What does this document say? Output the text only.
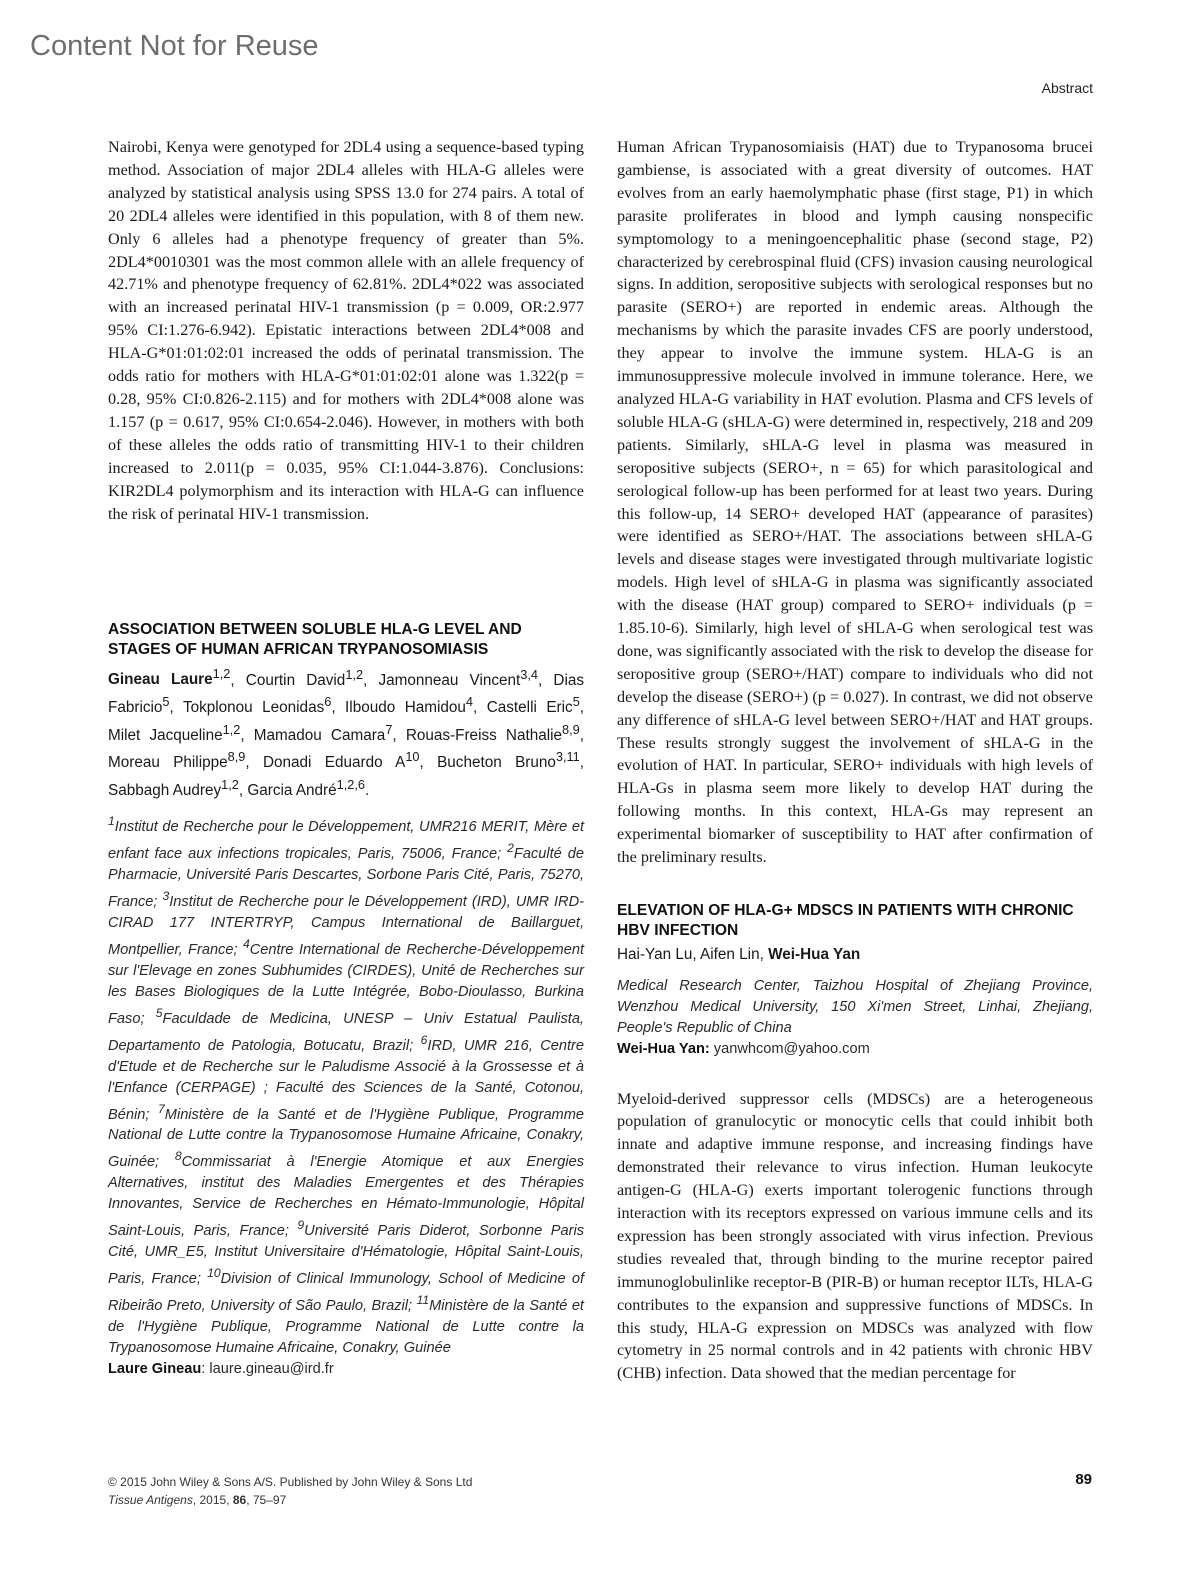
Content Not for Reuse
Abstract

Nairobi, Kenya were genotyped for 2DL4 using a sequence-based typing method. Association of major 2DL4 alleles with HLA-G alleles were analyzed by statistical analysis using SPSS 13.0 for 274 pairs. A total of 20 2DL4 alleles were identified in this population, with 8 of them new. Only 6 alleles had a phenotype frequency of greater than 5%. 2DL4*0010301 was the most common allele with an allele frequency of 42.71% and phenotype frequency of 62.81%. 2DL4*022 was associated with an increased perinatal HIV-1 transmission (p = 0.009, OR:2.977 95% CI:1.276-6.942). Epistatic interactions between 2DL4*008 and HLA-G*01:01:02:01 increased the odds of perinatal transmission. The odds ratio for mothers with HLA-G*01:01:02:01 alone was 1.322(p = 0.28, 95% CI:0.826-2.115) and for mothers with 2DL4*008 alone was 1.157 (p = 0.617, 95% CI:0.654-2.046). However, in mothers with both of these alleles the odds ratio of transmitting HIV-1 to their children increased to 2.011(p = 0.035, 95% CI:1.044-3.876). Conclusions: KIR2DL4 polymorphism and its interaction with HLA-G can influence the risk of perinatal HIV-1 transmission.

ASSOCIATION BETWEEN SOLUBLE HLA-G LEVEL AND STAGES OF HUMAN AFRICAN TRYPANOSOMIASIS

Gineau Laure$^{1,2}$, Courtin David$^{1,2}$, Jamonneau Vincent$^{3,4}$, Dias Fabricio$^5$, Tokplonou Leonidas$^6$, Ilboudo Hamidou$^4$, Castelli Eric$^5$, Milet Jacqueline$^{1,2}$, Mamadou Camara$^7$, Rouas-Freiss Nathalie$^{8,9}$, Moreau Philippe$^{8,9}$, Donadi Eduardo $A^{10}$, Bucheton Bruno$^{3,11}$, Sabbagh Audrey$^{1,2}$, Garcia André$^{1,2,6}$.

$^1$Institut de Recherche pour le Développement, UMR216 MERIT, Mère et enfant face aux infections tropicales, Paris, 75006, France; $^2$Faculté de Pharmacie, Université Paris Descartes, Sorbone Paris Cité, Paris, 75270, France; $^3$Institut de Recherche pour le Développement (IRD), UMR IRD-CIRAD 177 INTERTRYP, Campus International de Baillarguet, Montpellier, France; $^4$Centre International de Recherche-Développement sur l'Elevage en zones Subhumides (CIRDES), Unité de Recherches sur les Bases Biologiques de la Lutte Intégrée, Bobo-Dioulasso, Burkina Faso; $^5$Faculdade de Medicina, UNESP – Univ Estatual Paulista, Departamento de Patologia, Botucatu, Brazil; $^6$IRD, UMR 216, Centre d'Etude et de Recherche sur le Paludisme Associé à la Grossesse et à l'Enfance (CERPAGE) ; Faculté des Sciences de la Santé, Cotonou, Bénin; $^7$Ministère de la Santé et de l'Hygiène Publique, Programme National de Lutte contre la Trypanosomose Humaine Africaine, Conakry, Guinée; $^8$Commissariat à l'Energie Atomique et aux Energies Alternatives, institut des Maladies Emergentes et des Thérapies Innovantes, Service de Recherches en Hémato-Immunologie, Hôpital Saint-Louis, Paris, France; $^9$Université Paris Diderot, Sorbonne Paris Cité, UMR_E5, Institut Universitaire d'Hématologie, Hôpital Saint-Louis, Paris, France; $^{10}$Division of Clinical Immunology, School of Medicine of Ribeirão Preto, University of São Paulo, Brazil; $^{11}$Ministère de la Santé et de l'Hygiène Publique, Programme National de Lutte contre la Trypanosomose Humaine Africaine, Conakry, Guinée

Laure Gineau: laure.gineau@ird.fr

Human African Trypanosomiaisis (HAT) due to Trypanosoma brucei gambiense, is associated with a great diversity of outcomes. HAT evolves from an early haemolymphatic phase (first stage, P1) in which parasite proliferates in blood and lymph causing nonspecific symptomology to a meningoencephalitic phase (second stage, P2) characterized by cerebrospinal fluid (CFS) invasion causing neurological signs. In addition, seropositive subjects with serological responses but no parasite (SERO+) are reported in endemic areas. Although the mechanisms by which the parasite invades CFS are poorly understood, they appear to involve the immune system. HLA-G is an immunosuppressive molecule involved in immune tolerance. Here, we analyzed HLA-G variability in HAT evolution. Plasma and CFS levels of soluble HLA-G (sHLA-G) were determined in, respectively, 218 and 209 patients. Similarly, sHLA-G level in plasma was measured in seropositive subjects (SERO+, n = 65) for which parasitological and serological follow-up has been performed for at least two years. During this follow-up, 14 SERO+ developed HAT (appearance of parasites) were identified as SERO+/HAT. The associations between sHLA-G levels and disease stages were investigated through multivariate logistic models. High level of sHLA-G in plasma was significantly associated with the disease (HAT group) compared to SERO+ individuals (p = 1.85.10-6). Similarly, high level of sHLA-G when serological test was done, was significantly associated with the risk to develop the disease for seropositive group (SERO+/HAT) compare to individuals who did not develop the disease (SERO+) (p = 0.027). In contrast, we did not observe any difference of sHLA-G level between SERO+/HAT and HAT groups. These results strongly suggest the involvement of sHLA-G in the evolution of HAT. In particular, SERO+ individuals with high levels of HLA-Gs in plasma seem more likely to develop HAT during the following months. In this context, HLA-Gs may represent an experimental biomarker of susceptibility to HAT after confirmation of the preliminary results.

ELEVATION OF HLA-G+ MDSCS IN PATIENTS WITH CHRONIC HBV INFECTION

Hai-Yan Lu, Aifen Lin, Wei-Hua Yan

Medical Research Center, Taizhou Hospital of Zhejiang Province, Wenzhou Medical University, 150 Xi'men Street, Linhai, Zhejiang, People's Republic of China

Wei-Hua Yan: yanwhcom@yahoo.com

Myeloid-derived suppressor cells (MDSCs) are a heterogeneous population of granulocytic or monocytic cells that could inhibit both innate and adaptive immune response, and increasing findings have demonstrated their relevance to virus infection. Human leukocyte antigen-G (HLA-G) exerts important tolerogenic functions through interaction with its receptors expressed on various immune cells and its expression has been strongly associated with virus infection. Previous studies revealed that, through binding to the murine receptor paired immunoglobulinlike receptor-B (PIR-B) or human receptor ILTs, HLA-G contributes to the expansion and suppressive functions of MDSCs. In this study, HLA-G expression on MDSCs was analyzed with flow cytometry in 25 normal controls and in 42 patients with chronic HBV (CHB) infection. Data showed that the median percentage for

© 2015 John Wiley & Sons A/S. Published by John Wiley & Sons Ltd
Tissue Antigens, 2015, 86, 75–97
89
